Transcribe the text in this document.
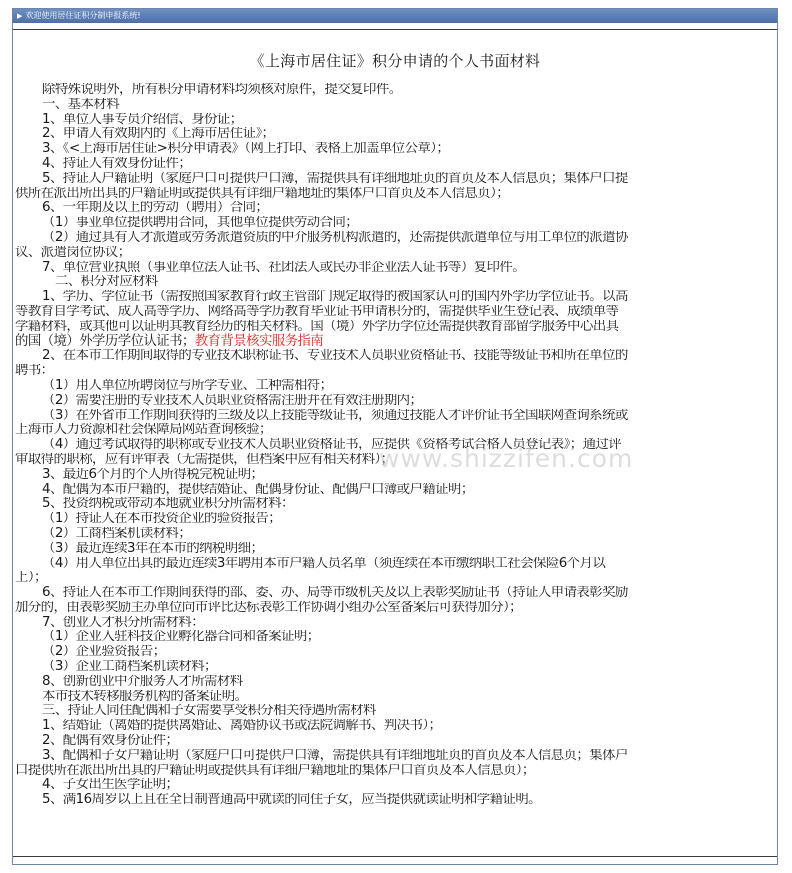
▶ 欢迎使用居住证积分制申报系统!
《上海市居住证》积分申请的个人书面材料
除特殊说明外，所有积分申请材料均须核对原件，提交复印件。
一、基本材料
1、单位人事专员介绍信、身份证；
2、申请人有效期内的《上海市居住证》；
3、《<上海市居住证>积分申请表》（网上打印、表格上加盖单位公章）；
4、持证人有效身份证件；
5、持证人户籍证明（家庭户口可提供户口簿，需提供具有详细地址页的首页及本人信息页；集体户口提
供所在派出所出具的户籍证明或提供具有详细户籍地址的集体户口首页及本人信息页）；
6、一年期及以上的劳动（聘用）合同；
（1）事业单位提供聘用合同，其他单位提供劳动合同；
（2）通过具有人才派遣或劳务派遣资质的中介服务机构派遣的，还需提供派遣单位与用工单位的派遣协
议、派遣岗位协议；
7、单位营业执照（事业单位法人证书、社团法人或民办非企业法人证书等）复印件。
二、积分对应材料
1、学历、学位证书（需按照国家教育行政主管部门规定取得的被国家认可的国内外学历学位证书。以高
等教育自学考试、成人高等学历、网络高等学历教育毕业证书申请积分的，需提供毕业生登记表、成绩单等
学籍材料，或其他可以证明其教育经历的相关材料。国（境）外学历学位还需提供教育部留学服务中心出具
的国（境）外学历学位认证书；教育背景核实服务指南
2、在本市工作期间取得的专业技术职称证书、专业技术人员职业资格证书、技能等级证书和所在单位的
聘书：
（1）用人单位所聘岗位与所学专业、工种需相符；
（2）需要注册的专业技术人员职业资格需注册并在有效注册期内；
（3）在外省市工作期间获得的三级及以上技能等级证书，须通过技能人才评价证书全国联网查询系统或
上海市人力资源和社会保障局网站查询核验；
（4）通过考试取得的职称或专业技术人员职业资格证书，应提供《资格考试合格人员登记表》；通过评
审取得的职称，应有评审表（无需提供，但档案中应有相关材料）；
3、最近6个月的个人所得税完税证明；
4、配偶为本市户籍的，提供结婚证、配偶身份证、配偶户口簿或户籍证明；
5、投资纳税或带动本地就业积分所需材料：
（1）持证人在本市投资企业的验资报告；
（2）工商档案机读材料；
（3）最近连续3年在本市的纳税明细；
（4）用人单位出具的最近连续3年聘用本市户籍人员名单（须连续在本市缴纳职工社会保险6个月以
上）；
6、持证人在本市工作期间获得的部、委、办、局等市级机关及以上表彰奖励证书（持证人申请表彰奖励
加分的，由表彰奖励主办单位向市评比达标表彰工作协调小组办公室备案后可获得加分）；
7、创业人才积分所需材料：
（1）企业入驻科技企业孵化器合同和备案证明；
（2）企业验资报告；
（3）企业工商档案机读材料；
8、创新创业中介服务人才所需材料
本市技术转移服务机构的备案证明。
三、持证人同住配偶和子女需要享受积分相关待遇所需材料
1、结婚证（离婚的提供离婚证、离婚协议书或法院调解书、判决书）；
2、配偶有效身份证件；
3、配偶和子女户籍证明（家庭户口可提供户口簿，需提供具有详细地址页的首页及本人信息页；集体户
口提供所在派出所出具的户籍证明或提供具有详细户籍地址的集体户口首页及本人信息页）；
4、子女出生医学证明；
5、满16周岁以上且在全日制普通高中就读的同住子女，应当提供就读证明和学籍证明。
www.shizzifen.com
